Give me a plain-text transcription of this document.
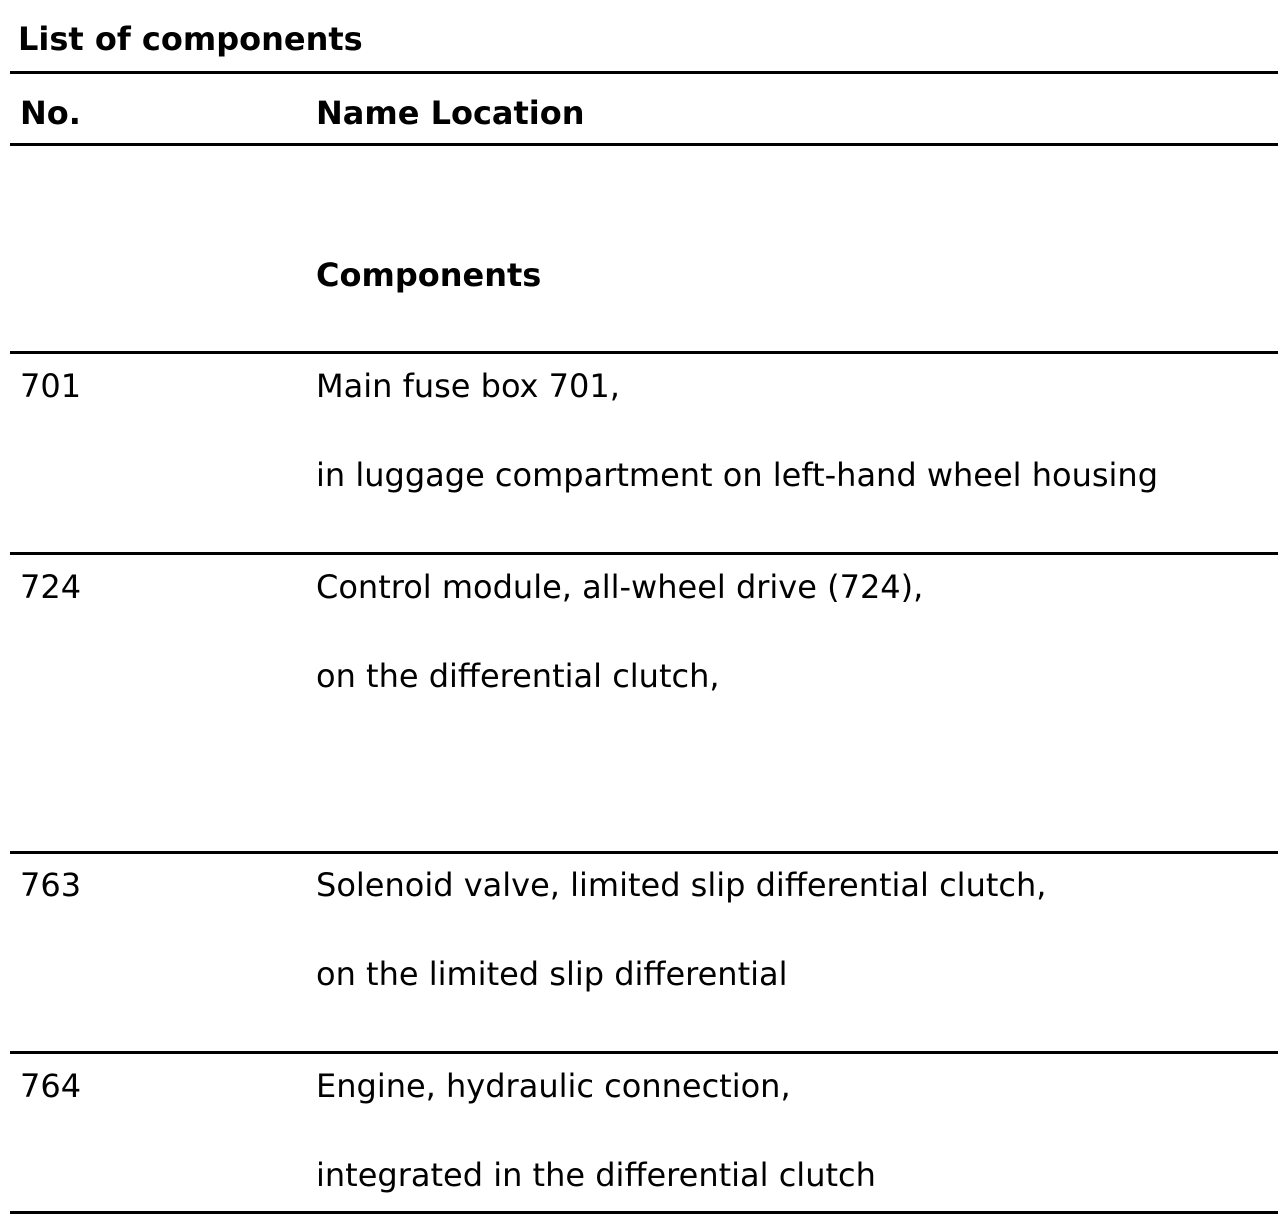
List of components
No.	Name Location
Components
701	Main fuse box 701,
in luggage compartment on left-hand wheel housing
724	Control module, all-wheel drive (724),
on the differential clutch,
763	Solenoid valve, limited slip differential clutch,
on the limited slip differential
764	Engine, hydraulic connection,
integrated in the differential clutch
